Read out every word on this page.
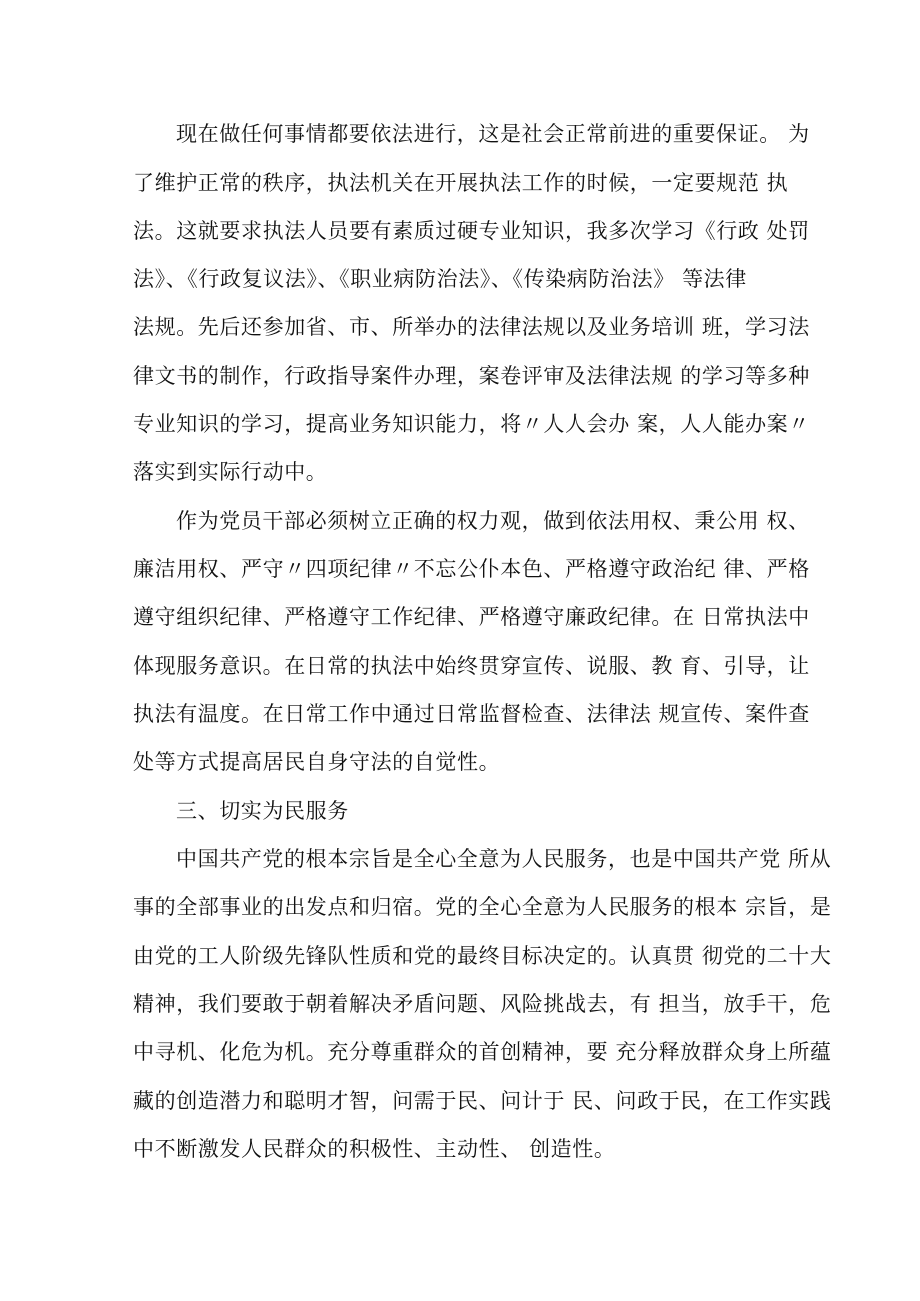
现在做任何事情都要依法进行，这是社会正常前进的重要保证。 为
了维护正常的秩序，执法机关在开展执法工作的时候，一定要规范 执
法。这就要求执法人员要有素质过硬专业知识，我多次学习《行政 处罚
法》、《行政复议法》、《职业病防治法》、《传染病防治法》 等法律
法规。先后还参加省、市、所举办的法律法规以及业务培训 班，学习法
律文书的制作，行政指导案件办理，案卷评审及法律法规 的学习等多种
专业知识的学习，提高业务知识能力，将〃人人会办 案，人人能办案〃
落实到实际行动中。
作为党员干部必须树立正确的权力观，做到依法用权、秉公用 权、
廉洁用权、严守〃四项纪律〃不忘公仆本色、严格遵守政治纪 律、严格
遵守组织纪律、严格遵守工作纪律、严格遵守廉政纪律。在 日常执法中
体现服务意识。在日常的执法中始终贯穿宣传、说服、教 育、引导，让
执法有温度。在日常工作中通过日常监督检查、法律法 规宣传、案件查
处等方式提高居民自身守法的自觉性。
三、切实为民服务
中国共产党的根本宗旨是全心全意为人民服务，也是中国共产党 所从
事的全部事业的出发点和归宿。党的全心全意为人民服务的根本 宗旨，是
由党的工人阶级先锋队性质和党的最终目标决定的。认真贯 彻党的二十大
精神，我们要敢于朝着解决矛盾问题、风险挑战去，有 担当，放手干，危
中寻机、化危为机。充分尊重群众的首创精神，要 充分释放群众身上所蕴
藏的创造潜力和聪明才智，问需于民、问计于 民、问政于民，在工作实践
中不断激发人民群众的积极性、主动性、 创造性。
